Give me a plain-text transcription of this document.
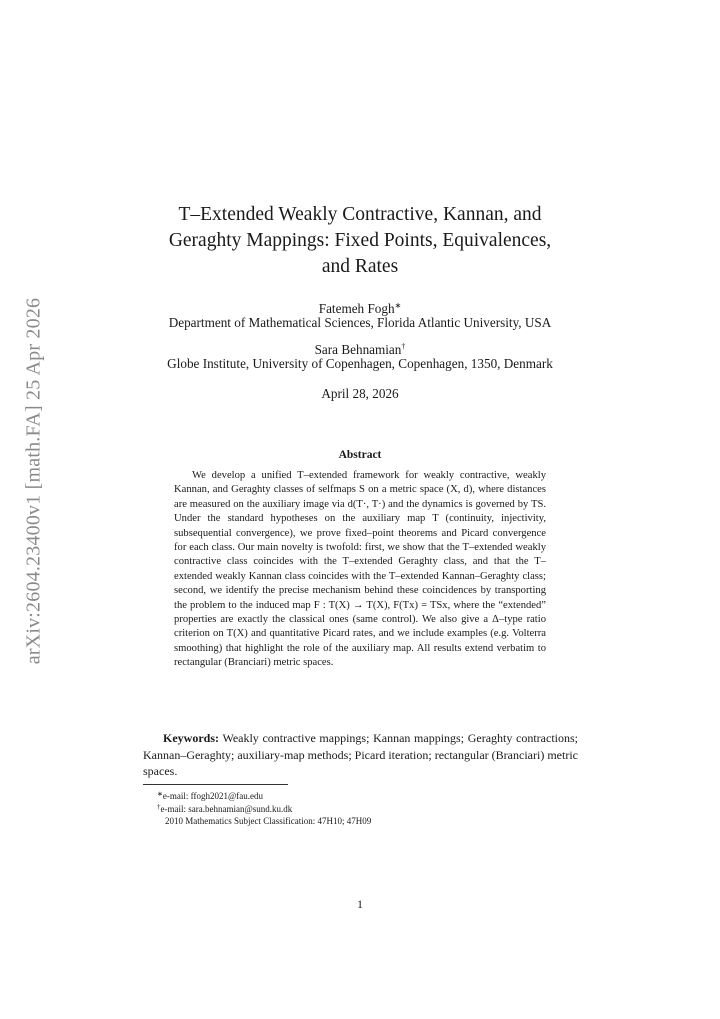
arXiv:2604.23400v1 [math.FA] 25 Apr 2026
T–Extended Weakly Contractive, Kannan, and
Geraghty Mappings: Fixed Points, Equivalences,
and Rates
Fatemeh Fogh∗
Department of Mathematical Sciences, Florida Atlantic University, USA
Sara Behnamian†
Globe Institute, University of Copenhagen, Copenhagen, 1350, Denmark
April 28, 2026
Abstract

We develop a unified T–extended framework for weakly contractive, weakly Kannan, and Geraghty classes of selfmaps S on a metric space (X, d), where distances are measured on the auxiliary image via d(T·, T·) and the dynamics is governed by TS. Under the standard hypotheses on the auxiliary map T (continuity, injectivity, subsequential convergence), we prove fixed–point theorems and Picard convergence for each class. Our main novelty is twofold: first, we show that the T–extended weakly contractive class coincides with the T–extended Geraghty class, and that the T–extended weakly Kannan class coincides with the T–extended Kannan–Geraghty class; second, we identify the precise mechanism behind these coincidences by transporting the problem to the induced map F : T(X) → T(X), F(Tx) = TSx, where the “extended” properties are exactly the classical ones (same control). We also give a Δ–type ratio criterion on T(X) and quantitative Picard rates, and we include examples (e.g. Volterra smoothing) that highlight the role of the auxiliary map. All results extend verbatim to rectangular (Branciari) metric spaces.

Keywords: Weakly contractive mappings; Kannan mappings; Geraghty contractions; Kannan–Geraghty; auxiliary-map methods; Picard iteration; rectangular (Branciari) metric spaces.

∗e-mail: ffogh2021@fau.edu
†e-mail: sara.behnamian@sund.ku.dk
2010 Mathematics Subject Classification: 47H10; 47H09
1
